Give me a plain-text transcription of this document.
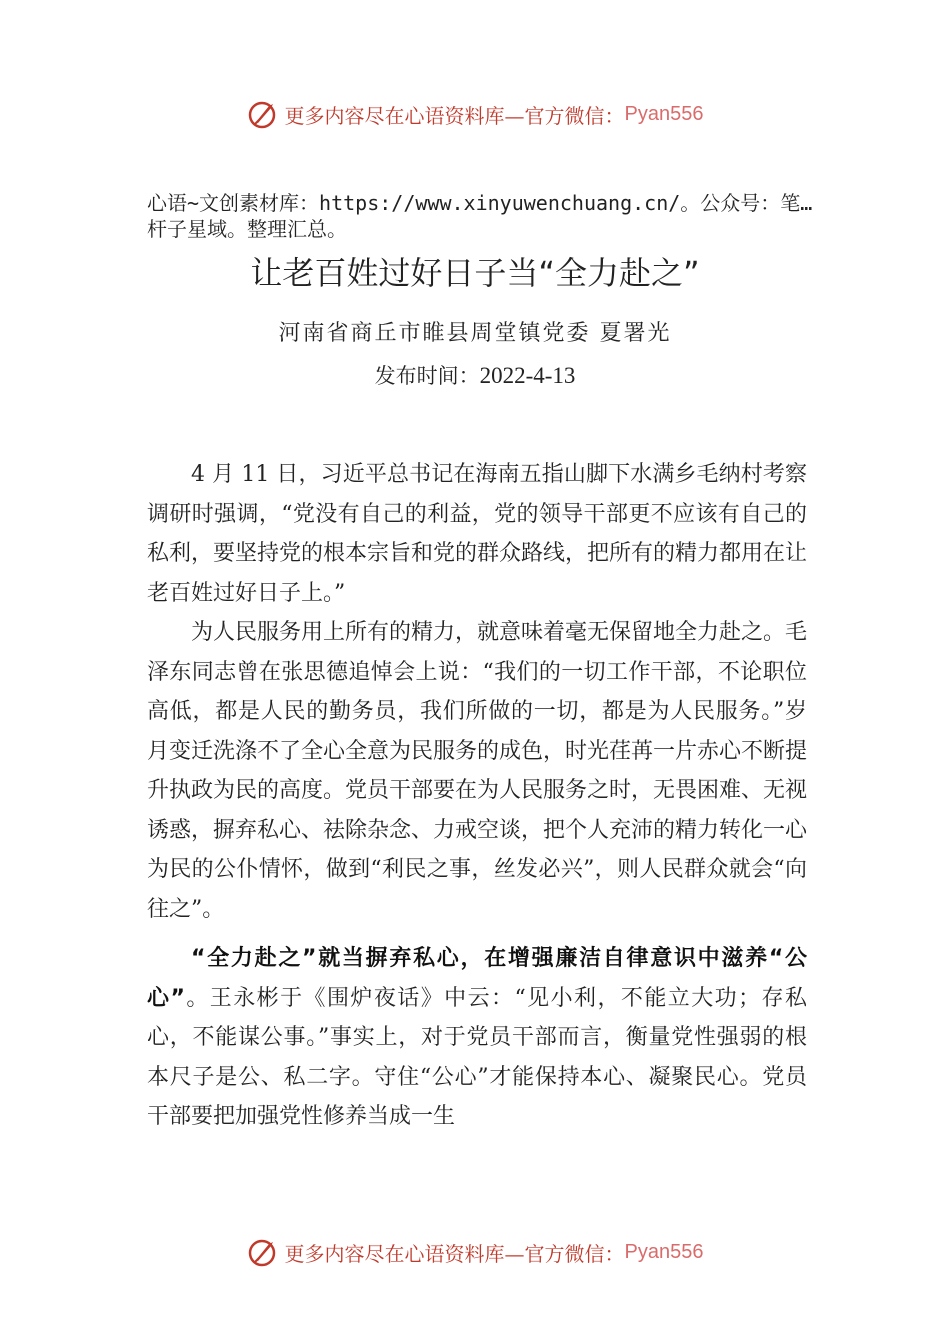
更多内容尽在心语资料库—官方微信： Pyan556
心语~文创素材库：https://www.xinyuwenchuang.cn/。公众号：笔…杆子星域。整理汇总。
让老百姓过好日子当“全力赴之”
河南省商丘市睢县周堂镇党委 夏署光
发布时间：2022-4-13

4 月 11 日，习近平总书记在海南五指山脚下水满乡毛纳村考察调研时强调，“党没有自己的利益，党的领导干部更不应该有自己的私利，要坚持党的根本宗旨和党的群众路线，把所有的精力都用在让老百姓过好日子上。”

为人民服务用上所有的精力，就意味着毫无保留地全力赴之。毛泽东同志曾在张思德追悼会上说：“我们的一切工作干部，不论职位高低，都是人民的勤务员，我们所做的一切，都是为人民服务。”岁月变迁洗涤不了全心全意为民服务的成色，时光荏苒一片赤心不断提升执政为民的高度。党员干部要在为人民服务之时，无畏困难、无视诱惑，摒弃私心、祛除杂念、力戒空谈，把个人充沛的精力转化一心为民的公仆情怀，做到“利民之事，丝发必兴”，则人民群众就会“向往之”。

“全力赴之”就当摒弃私心，在增强廉洁自律意识中滋养“公心”。王永彬于《围炉夜话》中云：“见小利，不能立大功；存私心，不能谋公事。”事实上，对于党员干部而言，衡量党性强弱的根本尺子是公、私二字。守住“公心”才能保持本心、凝聚民心。党员干部要把加强党性修养当成一生

更多内容尽在心语资料库—官方微信： Pyan556
